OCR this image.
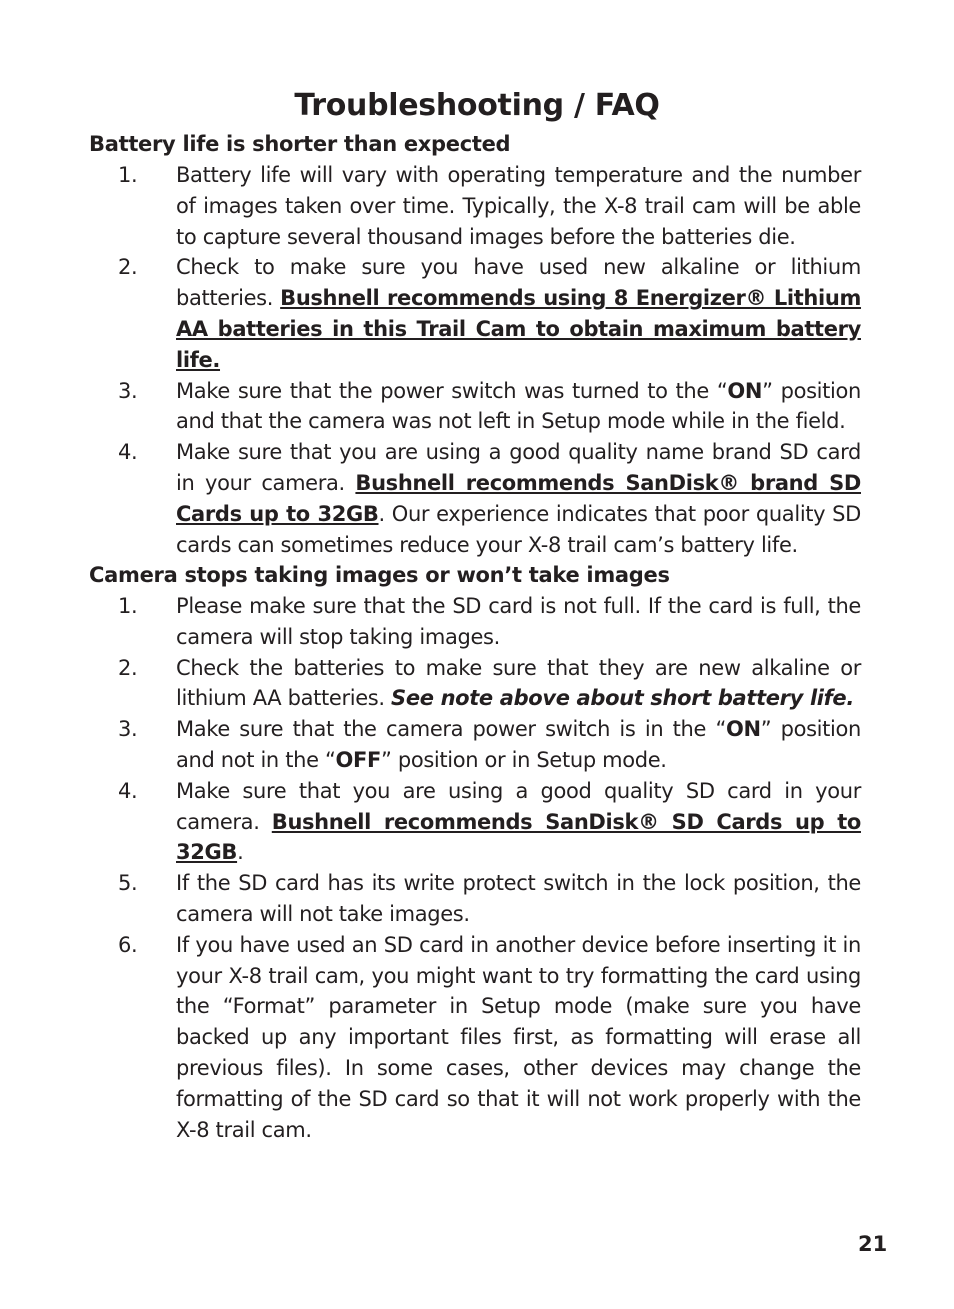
Troubleshooting / FAQ
Battery life is shorter than expected
1. Battery life will vary with operating temperature and the number of images taken over time. Typically, the X-8 trail cam will be able to capture several thousand images before the batteries die.
2. Check to make sure you have used new alkaline or lithium batteries. Bushnell recommends using 8 Energizer® Lithium AA batteries in this Trail Cam to obtain maximum battery life.
3. Make sure that the power switch was turned to the “ON” position and that the camera was not left in Setup mode while in the field.
4. Make sure that you are using a good quality name brand SD card in your camera. Bushnell recommends SanDisk® brand SD Cards up to 32GB. Our experience indicates that poor quality SD cards can sometimes reduce your X-8 trail cam’s battery life.
Camera stops taking images or won’t take images
1. Please make sure that the SD card is not full. If the card is full, the camera will stop taking images.
2. Check the batteries to make sure that they are new alkaline or lithium AA batteries. See note above about short battery life.
3. Make sure that the camera power switch is in the “ON” position and not in the “OFF” position or in Setup mode.
4. Make sure that you are using a good quality SD card in your camera. Bushnell recommends SanDisk® SD Cards up to 32GB.
5. If the SD card has its write protect switch in the lock position, the camera will not take images.
6. If you have used an SD card in another device before inserting it in your X-8 trail cam, you might want to try formatting the card using the “Format” parameter in Setup mode (make sure you have backed up any important files first, as formatting will erase all previous files). In some cases, other devices may change the formatting of the SD card so that it will not work properly with the X-8 trail cam.
21
